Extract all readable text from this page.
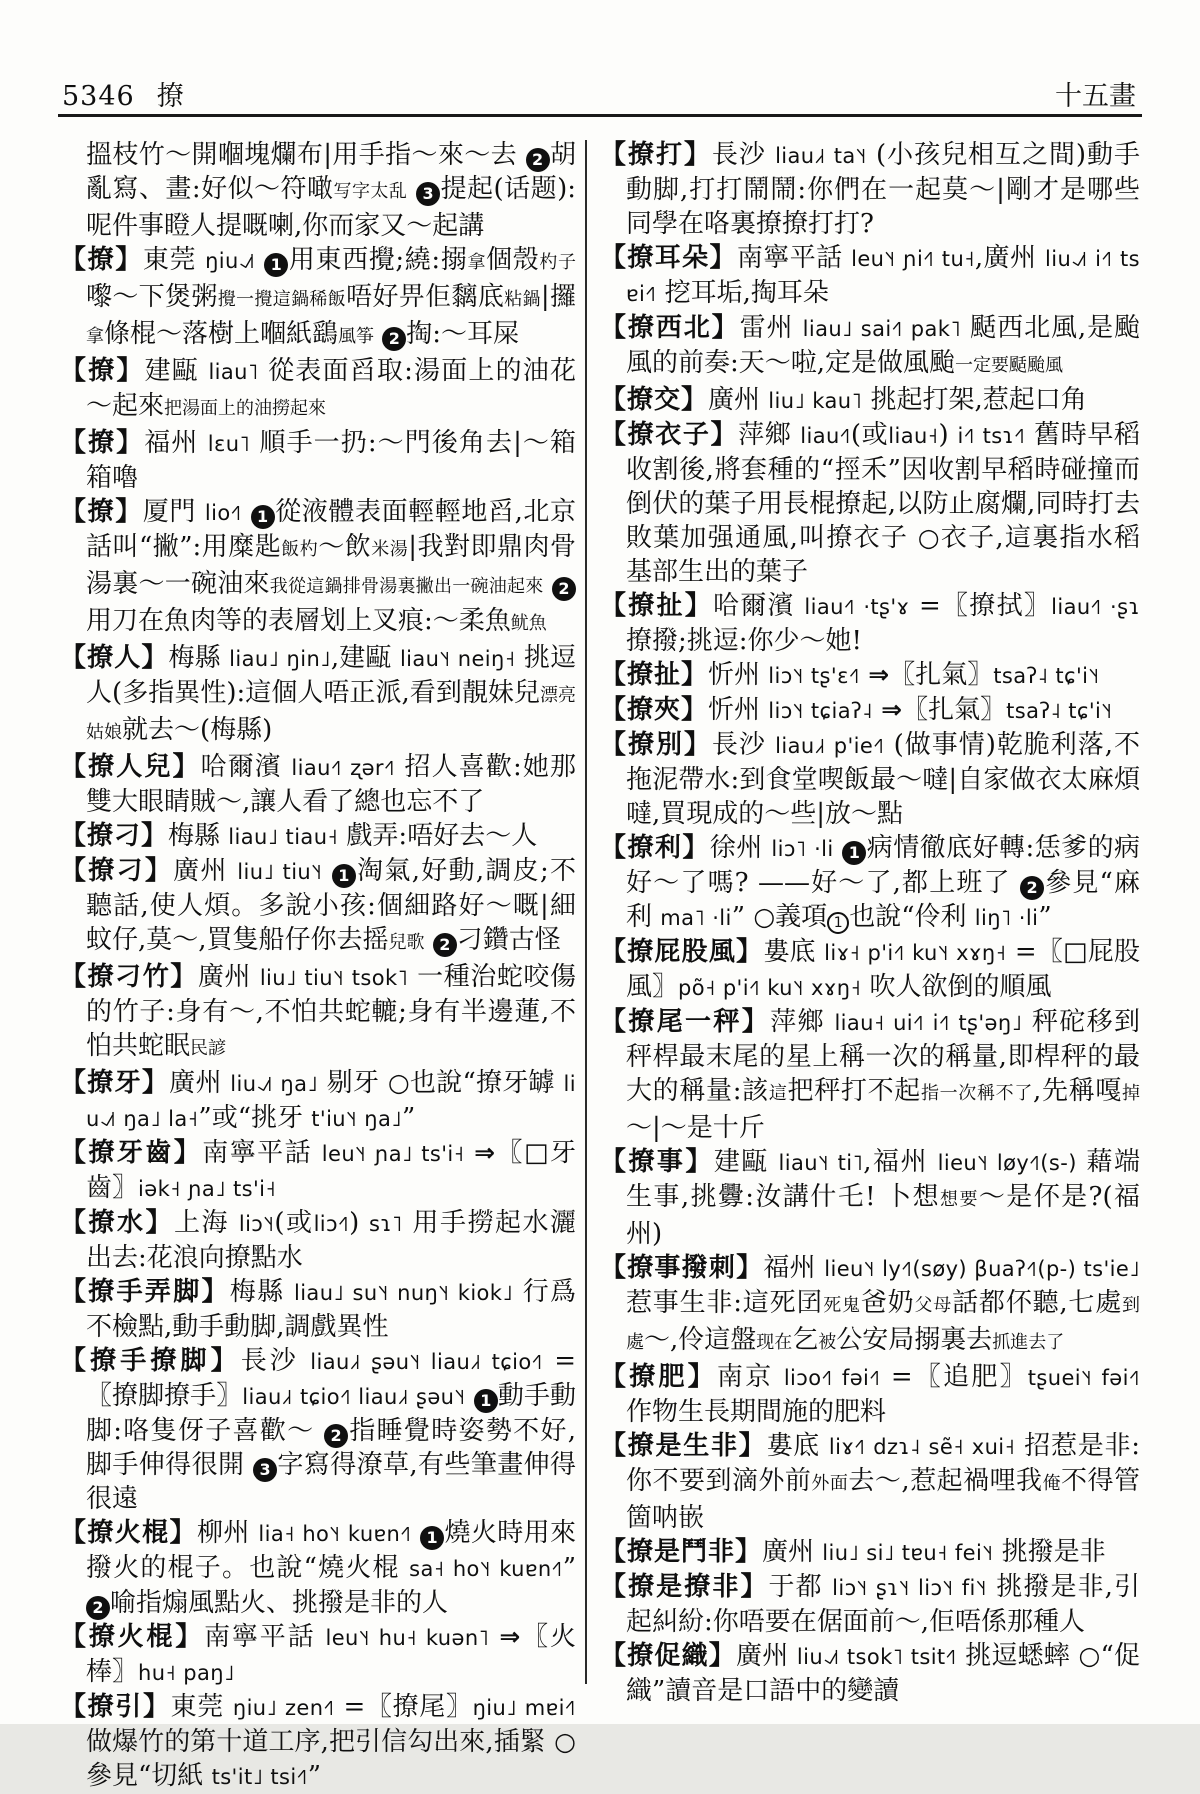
5346 撩	十五畫
搵枝竹～開嗰塊爛布|用手指～來～去 2 胡亂寫、畫:好似～符噉写字太乱 3 提起(话题):呢件事瞪人提嘅喇,你而家又～起講
【撩】東莞 ŋiu˨˩˦ 1 用東西攪;繞:搦拿個殼杓子嚟～下煲粥攪一攪這鍋稀飯唔好畀佢黐底粘鍋|攞拿條棍～落樹上嗰紙鷂風筝 2 掏:～耳屎
【撩】建甌 liau˥ 從表面舀取:湯面上的油花～起來把湯面上的油撈起來
【撩】福州 lɛu˥ 順手一扔:～門後角去|～箱箱嚕
【撩】厦門 lio˧˥ 1 從液體表面輕輕地舀,北京話叫“撇”:用糜匙飯杓～飲米湯|我對即鼎肉骨湯裏～一碗油來我從這鍋排骨湯裏撇出一碗油起來 2用刀在魚肉等的表層划上叉痕:～柔魚鱿魚
【撩人】梅縣 liau˩ ŋin˩,建甌 liau˥˧ neiŋ˧ 挑逗人(多指異性):這個人唔正派,看到靚妹兒漂亮姑娘就去～(梅縣)
【撩人兒】哈爾濱 liau˧˥ ʐər˧˥ 招人喜歡:她那雙大眼睛賊～,讓人看了總也忘不了
【撩刁】梅縣 liau˩ tiau˧ 戲弄:唔好去～人
【撩刁】廣州 liu˩ tiu˥˧ 1 淘氣,好動,調皮;不聽話,使人煩。多說小孩:個細路好～嘅|細蚊仔,莫～,買隻船仔你去摇兒歌 2 刁鑽古怪
【撩刁竹】廣州 liu˩ tiu˥˧ tsok˥ 一種治蛇咬傷的竹子:身有～,不怕共蛇轆;身有半邊蓮,不怕共蛇眠民諺
【撩牙】廣州 liu˨˩˦ ŋa˩ 剔牙 ○也說“撩牙罅 liu˨˩˦ ŋa˩ la˧”或“挑牙 t'iu˥˧ ŋa˩”
【撩牙齒】南寧平話 leu˥˧ ɲa˩ ts'i˧ ⇒〖□牙齒〗iək˧ ɲa˩ ts'i˧
【撩水】上海 liɔ˥˧(或liɔ˧˥) sɿ˥ 用手撈起水灑出去:花浪向撩點水
【撩手弄脚】梅縣 liau˩ su˥˧ nuŋ˥˧ kiok˩ 行爲不檢點,動手動脚,調戲異性
【撩手撩脚】長沙 liau˩˧ ʂəu˥˧ liau˩˧ tɕio˧˥ =〖撩脚撩手〗liau˩˧ tɕio˧˥ liau˩˧ ʂəu˥˧ 1 動手動脚:咯隻伢子喜歡～ 2 指睡覺時姿勢不好,脚手伸得很開 3 字寫得潦草,有些筆畫伸得很遠
【撩火棍】柳州 lia˧ ho˥˧ kuɐn˧˥ 1 燒火時用來撥火的棍子。也說“燒火棍 sa˧ ho˥˧ kuɐn˧˥” 2 喻指煽風點火、挑撥是非的人
【撩火棍】南寧平話 leu˥˧ hu˧ kuən˥ ⇒〖火棒〗hu˧ paŋ˩
【撩引】東莞 ŋiu˩ zen˧˥ =〖撩尾〗ŋiu˩ mɐi˧˥ 做爆竹的第十道工序,把引信勾出來,插緊 ○參見“切紙 ts'it˩ tsi˧˥”
【撩打】長沙 liau˩˧ ta˥˧ (小孩兒相互之間)動手動脚,打打鬧鬧:你們在一起莫～|剛才是哪些同學在咯裏撩撩打打?
【撩耳朵】南寧平話 leu˥˧ ɲi˧˥ tu˧,廣州 liu˨˩˦ i˧˥ tsɐi˧˥ 挖耳垢,掏耳朵
【撩西北】雷州 liau˩ sai˧˥ pak˥ 颳西北風,是颱風的前奏:天～啦,定是做風颱一定要颳颱風
【撩交】廣州 liu˩ kau˥ 挑起打架,惹起口角
【撩衣子】萍鄉 liau˧˥(或liau˧) i˧˥ tsɿ˧˥ 舊時早稻收割後,將套種的“挳禾”因收割早稻時碰撞而倒伏的葉子用長棍撩起,以防止腐爛,同時打去敗葉加强通風,叫撩衣子 ○衣子,這裏指水稻基部生出的葉子
【撩扯】哈爾濱 liau˧˥ ·tʂ'ɤ =〖撩拭〗liau˧˥ ·ʂɿ 撩撥;挑逗:你少～她!
【撩扯】忻州 liɔ˥˧ tʂ'ɛ˧˥ ⇒〖扎氣〗tsaʔ˨ tɕ'i˥˧
【撩夾】忻州 liɔ˥˧ tɕiaʔ˨ ⇒〖扎氣〗tsaʔ˨ tɕ'i˥˧
【撩別】長沙 liau˩˧ p'ie˧˥ (做事情)乾脆利落,不拖泥帶水:到食堂喫飯最～噠|自家做衣太麻煩噠,買現成的～些|放～點
【撩利】徐州 liɔ˥ ·li 1 病情徹底好轉:恁爹的病好～了嗎? ——好～了,都上班了 2 參見“麻利 ma˥ ·li” ○義項 1 也說“伶利 liŋ˥ ·li”
【撩屁股風】婁底 liɤ˧ p'i˧˥ ku˥˧ xɤŋ˧ =〖□屁股風〗põ˧ p'i˧˥ ku˥˧ xɤŋ˧ 吹人欲倒的順風
【撩尾一秤】萍鄉 liau˧ ui˧˥ i˧˥ tʂ'əŋ˩ 秤砣移到秤桿最末尾的星上稱一次的稱量,即桿秤的最大的稱量:該這把秤打不起指一次稱不了,先稱嘎掉～|～是十斤
【撩事】建甌 liau˥˧ ti˥,福州 lieu˥˧ løy˧˥(s-) 藉端生事,挑釁:汝講什乇! 卜想想要～是伓是?(福州)
【撩事撥刺】福州 lieu˥˧ ly˧˥(søy) βuaʔ˧˥(p-) ts'ie˩ 惹事生非:這死囝死鬼爸奶父母話都伓聽,七處到處～,伶這盤现在乞被公安局搦裏去抓進去了
【撩肥】南京 liɔo˧˥ fəi˧˥ =〖追肥〗tʂuei˥˧ fəi˧˥ 作物生長期間施的肥料
【撩是生非】婁底 liɤ˧˥ dzɿ˨ sẽ˧ xui˧ 招惹是非:你不要到滴外前外面去～,惹起禍哩我俺不得管箇呐嵌
【撩是鬥非】廣州 liu˩ si˩ tɐu˧ fei˥˧ 挑撥是非
【撩是撩非】于都 liɔ˥˧ ʂɿ˥˧ liɔ˥˧ fi˥˧ 挑撥是非,引起糾紛:你唔要在倨面前～,佢唔係那種人
【撩促織】廣州 liu˨˩˦ tsok˥ tsit˧˥ 挑逗蟋蟀 ○“促織”讀音是口語中的變讀
